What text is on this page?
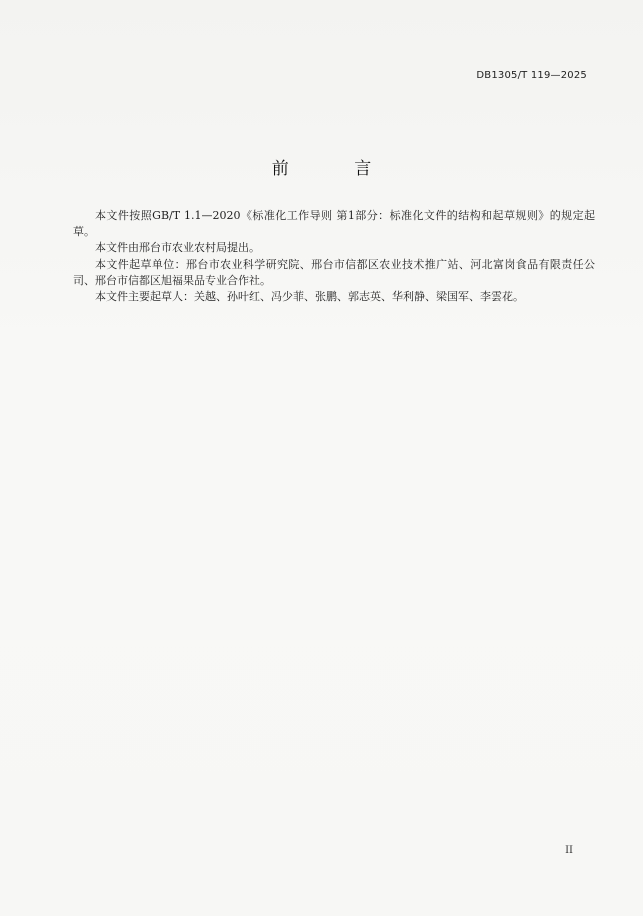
DB1305/T 119—2025
前 言

本文件按照GB/T 1.1—2020《标准化工作导则 第1部分：标准化文件的结构和起草规则》的规定起草。

本文件由邢台市农业农村局提出。

本文件起草单位：邢台市农业科学研究院、邢台市信都区农业技术推广站、河北富岗食品有限责任公司、邢台市信都区旭福果品专业合作社。

本文件主要起草人：关越、孙叶红、冯少菲、张鹏、郭志英、华利静、梁国军、李雲花。

II
